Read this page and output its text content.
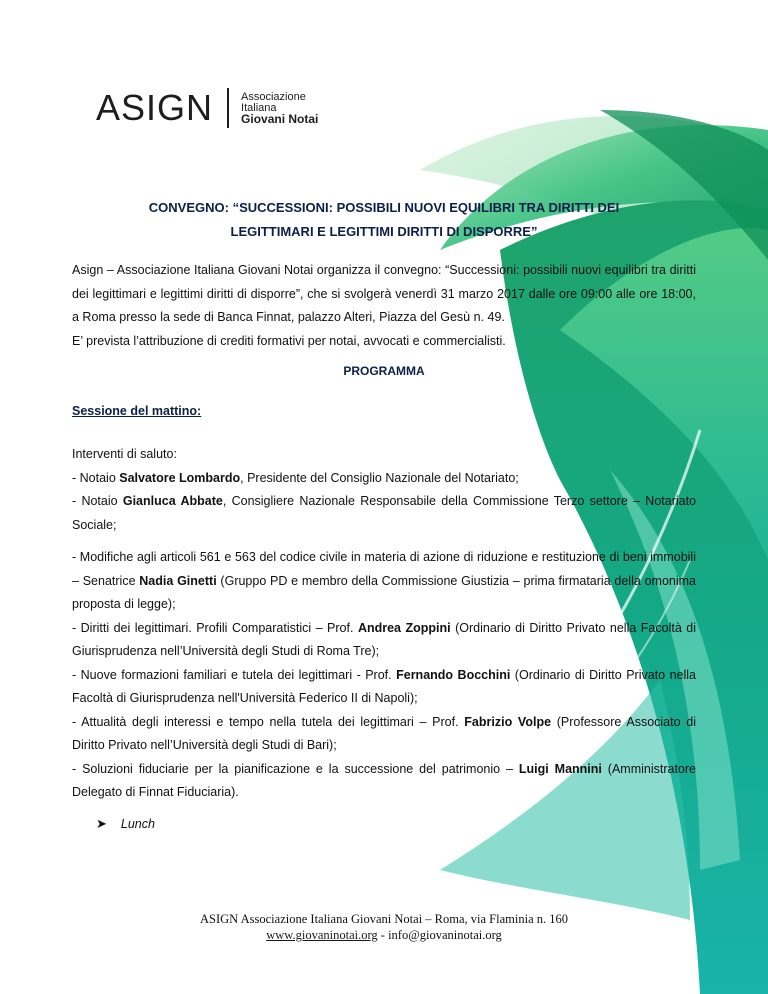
ASIGN	Associazione
Italiana
Giovani Notai
CONVEGNO: “SUCCESSIONI: POSSIBILI NUOVI EQUILIBRI TRA DIRITTI DEI
LEGITTIMARI E LEGITTIMI DIRITTI DI DISPORRE”

Asign – Associazione Italiana Giovani Notai organizza il convegno: “Successioni: possibili nuovi equilibri tra diritti dei legittimari e legittimi diritti di disporre”, che si svolgerà venerdì 31 marzo 2017 dalle ore 09:00 alle ore 18:00, a Roma presso la sede di Banca Finnat, palazzo Alteri, Piazza del Gesù n. 49.

E’ prevista l’attribuzione di crediti formativi per notai, avvocati e commercialisti.

PROGRAMMA
Sessione del mattino:

Interventi di saluto:

- Notaio Salvatore Lombardo, Presidente del Consiglio Nazionale del Notariato;

- Notaio Gianluca Abbate, Consigliere Nazionale Responsabile della Commissione Terzo settore – Notariato Sociale;

- Modifiche agli articoli 561 e 563 del codice civile in materia di azione di riduzione e restituzione di beni immobili – Senatrice Nadia Ginetti (Gruppo PD e membro della Commissione Giustizia – prima firmataria della omonima proposta di legge);

- Diritti dei legittimari. Profili Comparatistici – Prof. Andrea Zoppini (Ordinario di Diritto Privato nella Facoltà di Giurisprudenza nell’Università degli Studi di Roma Tre);

- Nuove formazioni familiari e tutela dei legittimari - Prof. Fernando Bocchini (Ordinario di Diritto Privato nella Facoltà di Giurisprudenza nell'Università Federico II di Napoli);

- Attualità degli interessi e tempo nella tutela dei legittimari – Prof. Fabrizio Volpe (Professore Associato di Diritto Privato nell’Università degli Studi di Bari);

- Soluzioni fiduciarie per la pianificazione e la successione del patrimonio – Luigi Mannini (Amministratore Delegato di Finnat Fiduciaria).

➤ Lunch
ASIGN Associazione Italiana Giovani Notai – Roma, via Flaminia n. 160
www.giovaninotai.org - info@giovaninotai.org
